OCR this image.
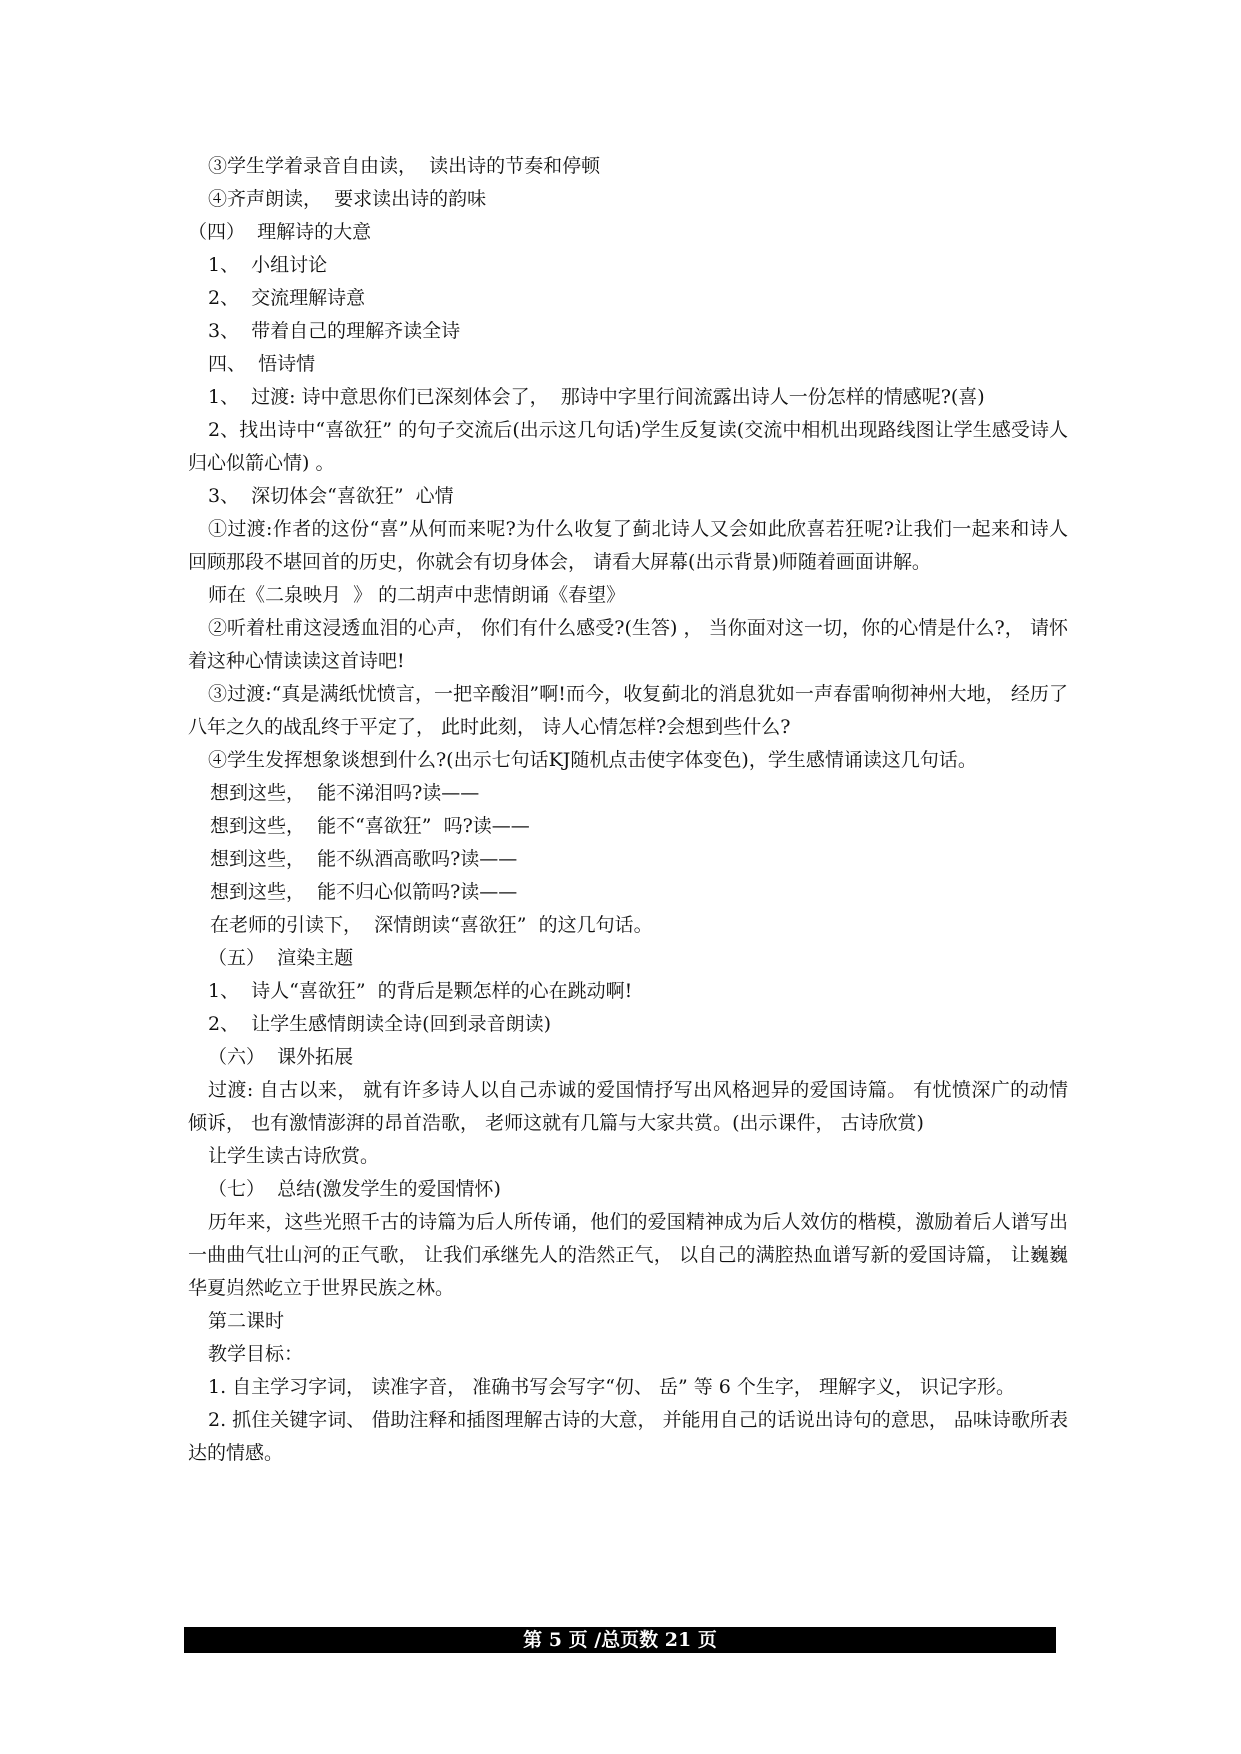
③学生学着录音自由读，  读出诗的节奏和停顿

④齐声朗读，  要求读出诗的韵味

（四）  理解诗的大意

1、  小组讨论

2、  交流理解诗意

3、  带着自己的理解齐读全诗

四、  悟诗情

1、  过渡: 诗中意思你们已深刻体会了，  那诗中字里行间流露出诗人一份怎样的情感呢?(喜)

2、找出诗中“喜欲狂” 的句子交流后(出示这几句话)学生反复读(交流中相机出现路线图让学生感受诗人归心似箭心情) 。

3、  深切体会“喜欲狂”  心情

①过渡:作者的这份“喜”从何而来呢?为什么收复了蓟北诗人又会如此欣喜若狂呢?让我们一起来和诗人回顾那段不堪回首的历史，你就会有切身体会， 请看大屏幕(出示背景)师随着画面讲解。

师在《二泉映月  》 的二胡声中悲情朗诵《春望》

②听着杜甫这浸透血泪的心声， 你们有什么感受?(生答) ， 当你面对这一切，你的心情是什么?， 请怀着这种心情读读这首诗吧!

③过渡:“真是满纸忧愤言，一把辛酸泪”啊!而今，收复蓟北的消息犹如一声春雷响彻神州大地， 经历了八年之久的战乱终于平定了， 此时此刻， 诗人心情怎样?会想到些什么?

④学生发挥想象谈想到什么?(出示七句话KJ随机点击使字体变色)，学生感情诵读这几句话。

想到这些，  能不涕泪吗?读——

想到这些，  能不“喜欲狂”  吗?读——

想到这些，  能不纵酒高歌吗?读——

想到这些，  能不归心似箭吗?读——

在老师的引读下，  深情朗读“喜欲狂”  的这几句话。

（五）  渲染主题

1、  诗人“喜欲狂”  的背后是颗怎样的心在跳动啊!

2、  让学生感情朗读全诗(回到录音朗读)

（六）  课外拓展

过渡: 自古以来， 就有许多诗人以自己赤诚的爱国情抒写出风格迥异的爱国诗篇。 有忧愤深广的动情倾诉， 也有激情澎湃的昂首浩歌， 老师这就有几篇与大家共赏。(出示课件， 古诗欣赏)

让学生读古诗欣赏。

（七）  总结(激发学生的爱国情怀)

历年来，这些光照千古的诗篇为后人所传诵，他们的爱国精神成为后人效仿的楷模，激励着后人谱写出一曲曲气壮山河的正气歌， 让我们承继先人的浩然正气， 以自己的满腔热血谱写新的爱国诗篇， 让巍巍华夏岿然屹立于世界民族之林。

第二课时

教学目标：

1. 自主学习字词， 读准字音， 准确书写会写字“仞、 岳” 等 6 个生字， 理解字义， 识记字形。

2. 抓住关键字词、 借助注释和插图理解古诗的大意， 并能用自己的话说出诗句的意思， 品味诗歌所表达的情感。

第 5 页 /总页数 21 页
